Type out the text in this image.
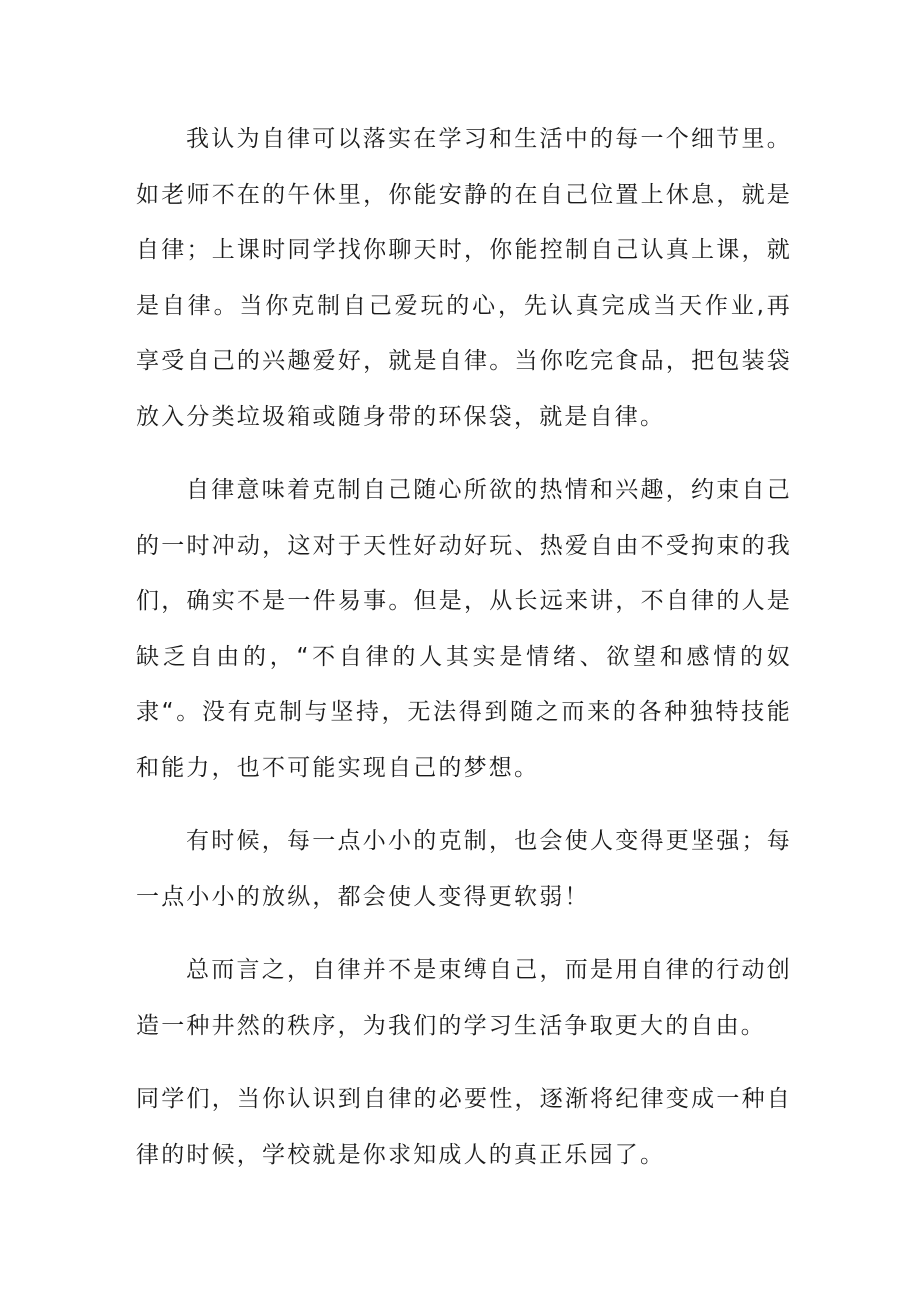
我认为自律可以落实在学习和生活中的每一个细节里。如老师不在的午休里，你能安静的在自己位置上休息，就是自律；上课时同学找你聊天时，你能控制自己认真上课，就是自律。当你克制自己爱玩的心，先认真完成当天作业,再享受自己的兴趣爱好，就是自律。当你吃完食品，把包装袋放入分类垃圾箱或随身带的环保袋，就是自律。

自律意味着克制自己随心所欲的热情和兴趣，约束自己的一时冲动，这对于天性好动好玩、热爱自由不受拘束的我们，确实不是一件易事。但是，从长远来讲，不自律的人是缺乏自由的，“不自律的人其实是情绪、欲望和感情的奴隶“。没有克制与坚持，无法得到随之而来的各种独特技能和能力，也不可能实现自己的梦想。

有时候，每一点小小的克制，也会使人变得更坚强；每一点小小的放纵，都会使人变得更软弱！

总而言之，自律并不是束缚自己，而是用自律的行动创造一种井然的秩序，为我们的学习生活争取更大的自由。

同学们，当你认识到自律的必要性，逐渐将纪律变成一种自律的时候，学校就是你求知成人的真正乐园了。
